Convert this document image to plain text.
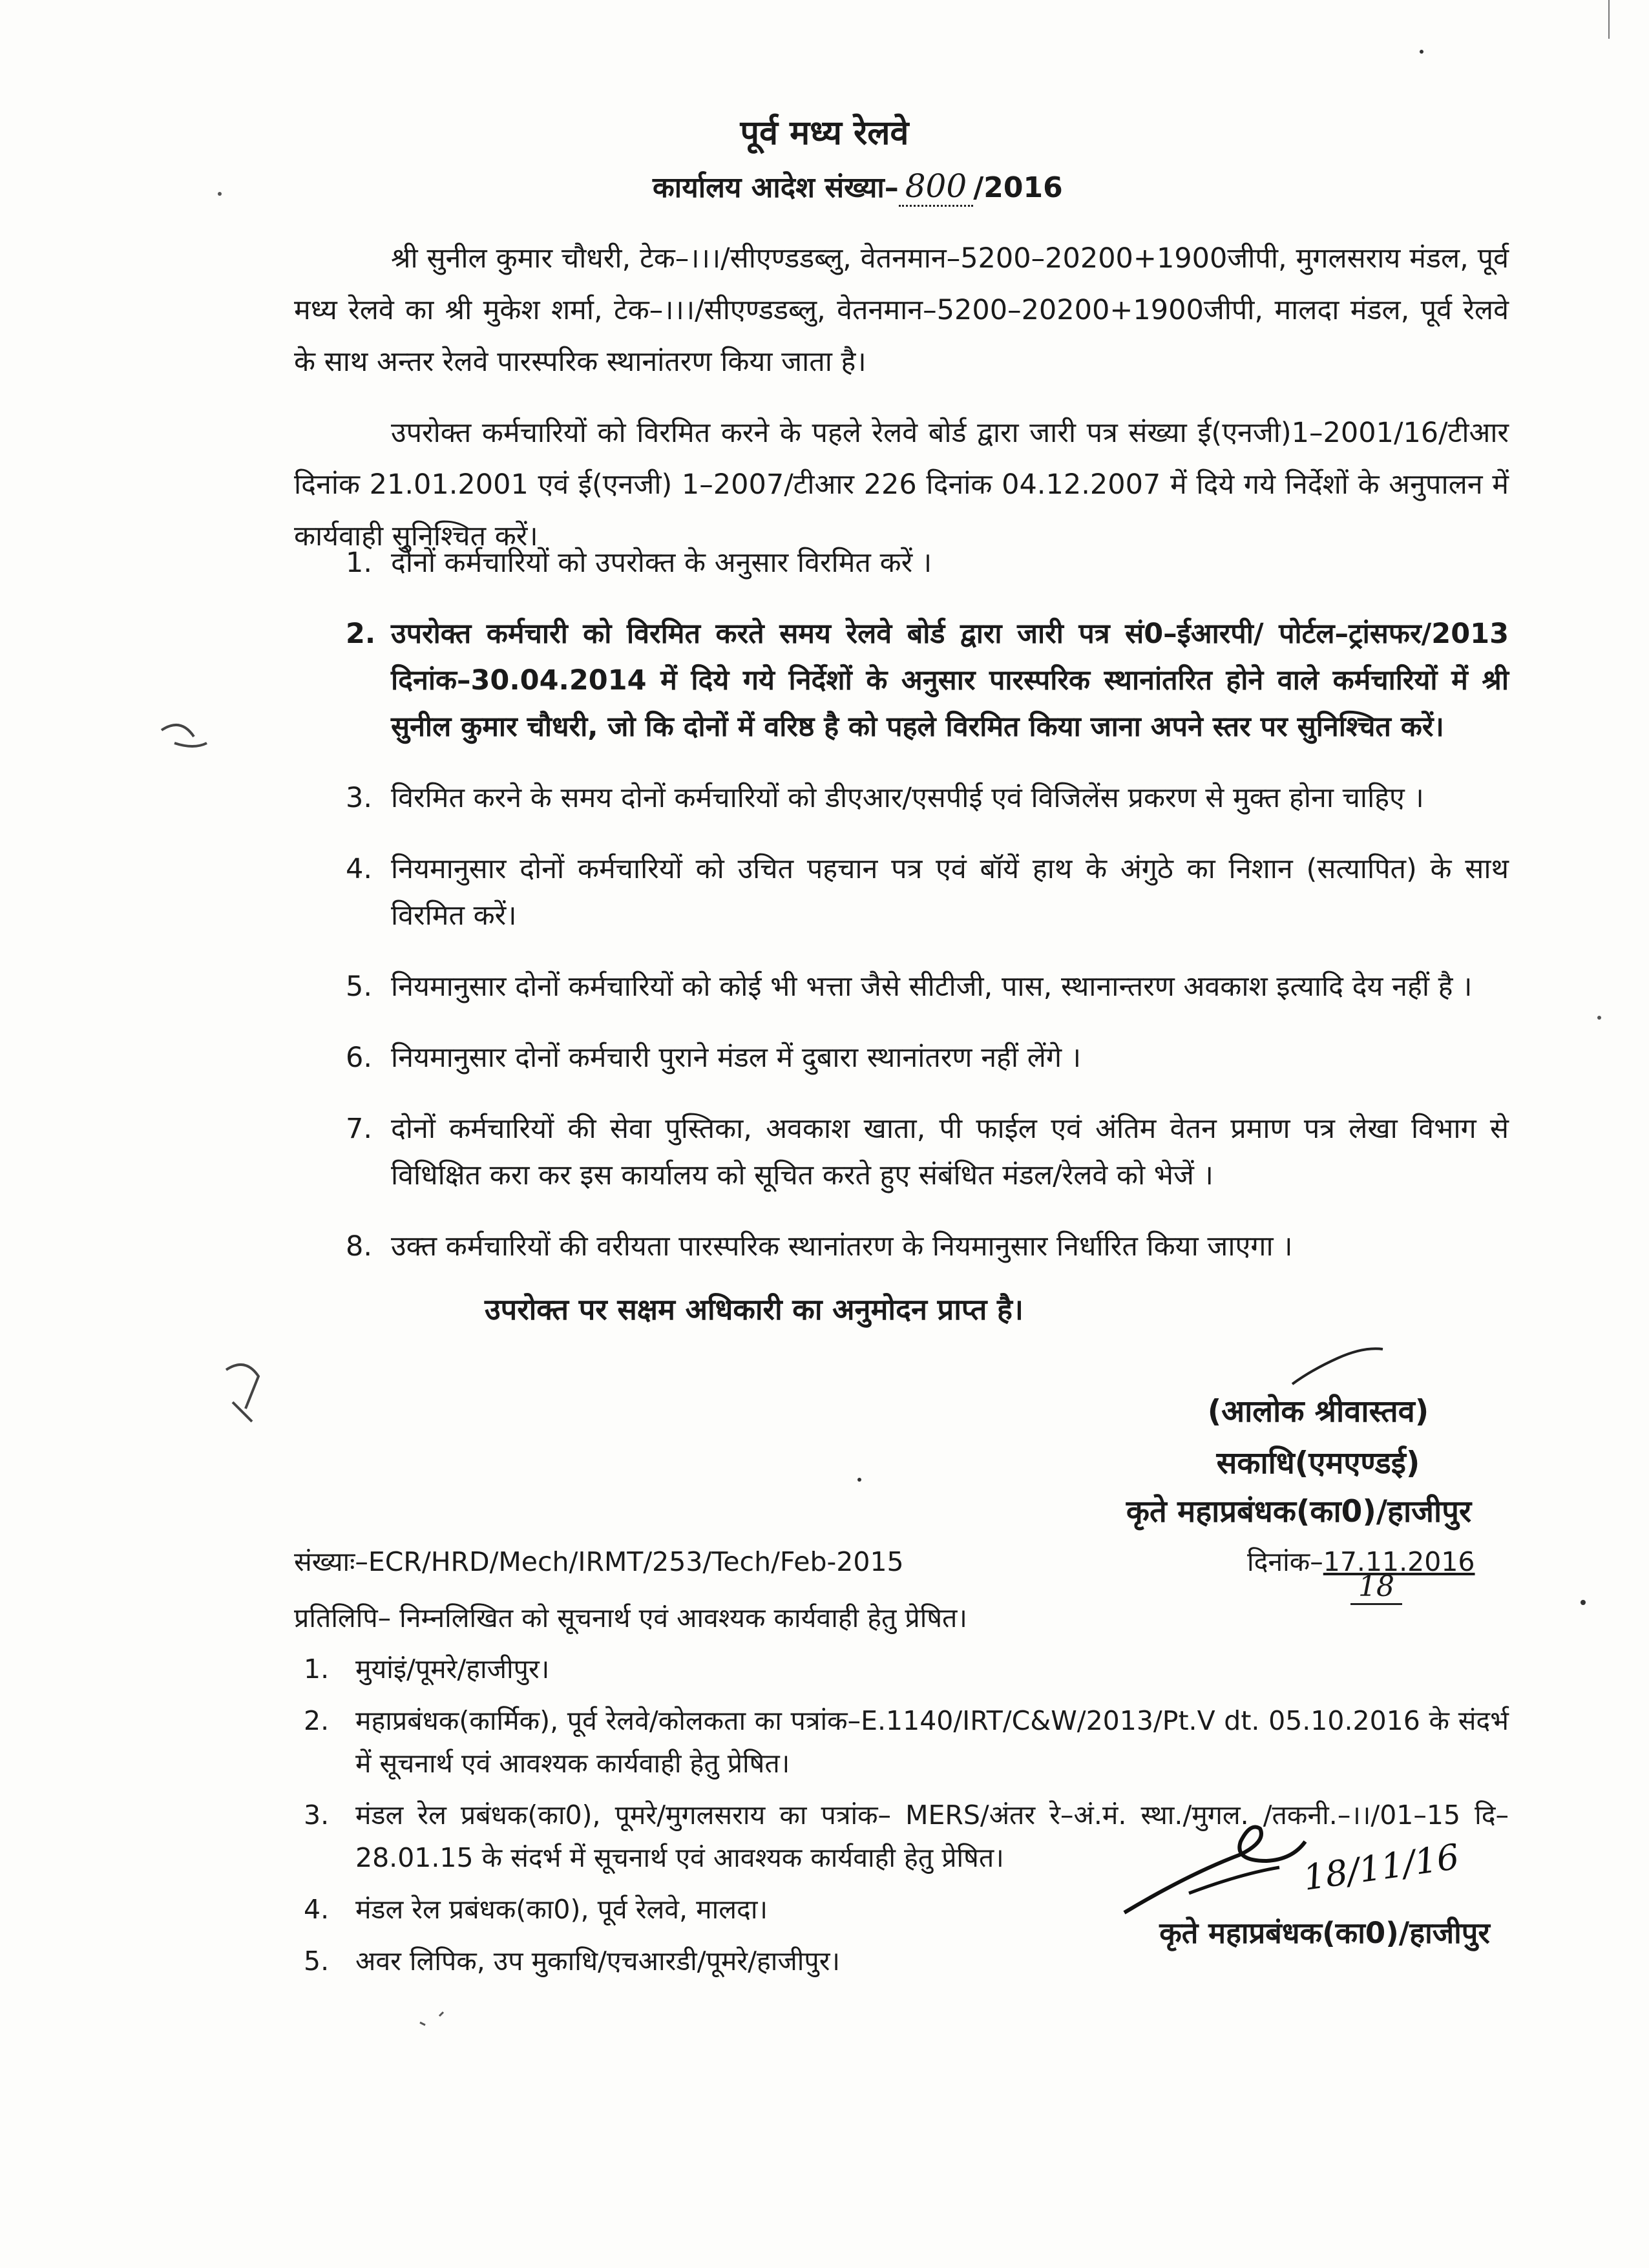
पूर्व मध्य रेलवे
कार्यालय आदेश संख्या– 800 /2016
श्री सुनील कुमार चौधरी, टेक–।।।/सीएण्डडब्लु, वेतनमान–5200–20200+1900जीपी, मुगलसराय मंडल, पूर्व मध्य रेलवे का श्री मुकेश शर्मा, टेक–।।।/सीएण्डडब्लु, वेतनमान–5200–20200+1900जीपी, मालदा मंडल, पूर्व रेलवे के साथ अन्तर रेलवे पारस्परिक स्थानांतरण किया जाता है।
उपरोक्त कर्मचारियों को विरमित करने के पहले रेलवे बोर्ड द्वारा जारी पत्र संख्या ई(एनजी)1–2001/16/टीआर दिनांक 21.01.2001 एवं ई(एनजी) 1–2007/टीआर 226 दिनांक 04.12.2007 में दिये गये निर्देशों के अनुपालन में कार्यवाही सुनिश्चित करें।
1. दोनों कर्मचारियों को उपरोक्त के अनुसार विरमित करें ।
2. उपरोक्त कर्मचारी को विरमित करते समय रेलवे बोर्ड द्वारा जारी पत्र सं0–ईआरपी/ पोर्टल–ट्रांसफर/2013 दिनांक–30.04.2014 में दिये गये निर्देशों के अनुसार पारस्परिक स्थानांतरित होने वाले कर्मचारियों में श्री सुनील कुमार चौधरी, जो कि दोनों में वरिष्ठ है को पहले विरमित किया जाना अपने स्तर पर सुनिश्चित करें।
3. विरमित करने के समय दोनों कर्मचारियों को डीएआर/एसपीई एवं विजिलेंस प्रकरण से मुक्त होना चाहिए ।
4. नियमानुसार दोनों कर्मचारियों को उचित पहचान पत्र एवं बॉयें हाथ के अंगुठे का निशान (सत्यापित) के साथ विरमित करें।
5. नियमानुसार दोनों कर्मचारियों को कोई भी भत्ता जैसे सीटीजी, पास, स्थानान्तरण अवकाश इत्यादि देय नहीं है ।
6. नियमानुसार दोनों कर्मचारी पुराने मंडल में दुबारा स्थानांतरण नहीं लेंगे ।
7. दोनों कर्मचारियों की सेवा पुस्तिका, अवकाश खाता, पी फाईल एवं अंतिम वेतन प्रमाण पत्र लेखा विभाग से विधिक्षित करा कर इस कार्यालय को सूचित करते हुए संबंधित मंडल/रेलवे को भेजें ।
8. उक्त कर्मचारियों की वरीयता पारस्परिक स्थानांतरण के नियमानुसार निर्धारित किया जाएगा ।
उपरोक्त पर सक्षम अधिकारी का अनुमोदन प्राप्त है।
(आलोक श्रीवास्तव)
सकाधि(एमएण्डई)
कृते महाप्रबंधक(का0)/हाजीपुर
संख्याः–ECR/HRD/Mech/IRMT/253/Tech/Feb-2015	दिनांक–17.11.2016
18
प्रतिलिपि– निम्नलिखित को सूचनार्थ एवं आवश्यक कार्यवाही हेतु प्रेषित।
1. मुयांइं/पूमरे/हाजीपुर।
2. महाप्रबंधक(कार्मिक), पूर्व रेलवे/कोलकता का पत्रांक–E.1140/IRT/C&W/2013/Pt.V dt. 05.10.2016 के संदर्भ में सूचनार्थ एवं आवश्यक कार्यवाही हेतु प्रेषित।
3. मंडल रेल प्रबंधक(का0), पूमरे/मुगलसराय का पत्रांक– MERS/अंतर रे–अं.मं. स्था./मुगल. /तकनी.–।।/01–15 दि–28.01.15 के संदर्भ में सूचनार्थ एवं आवश्यक कार्यवाही हेतु प्रेषित।
4. मंडल रेल प्रबंधक(का0), पूर्व रेलवे, मालदा।
5. अवर लिपिक, उप मुकाधि/एचआरडी/पूमरे/हाजीपुर।
18/11/16
कृते महाप्रबंधक(का0)/हाजीपुर
